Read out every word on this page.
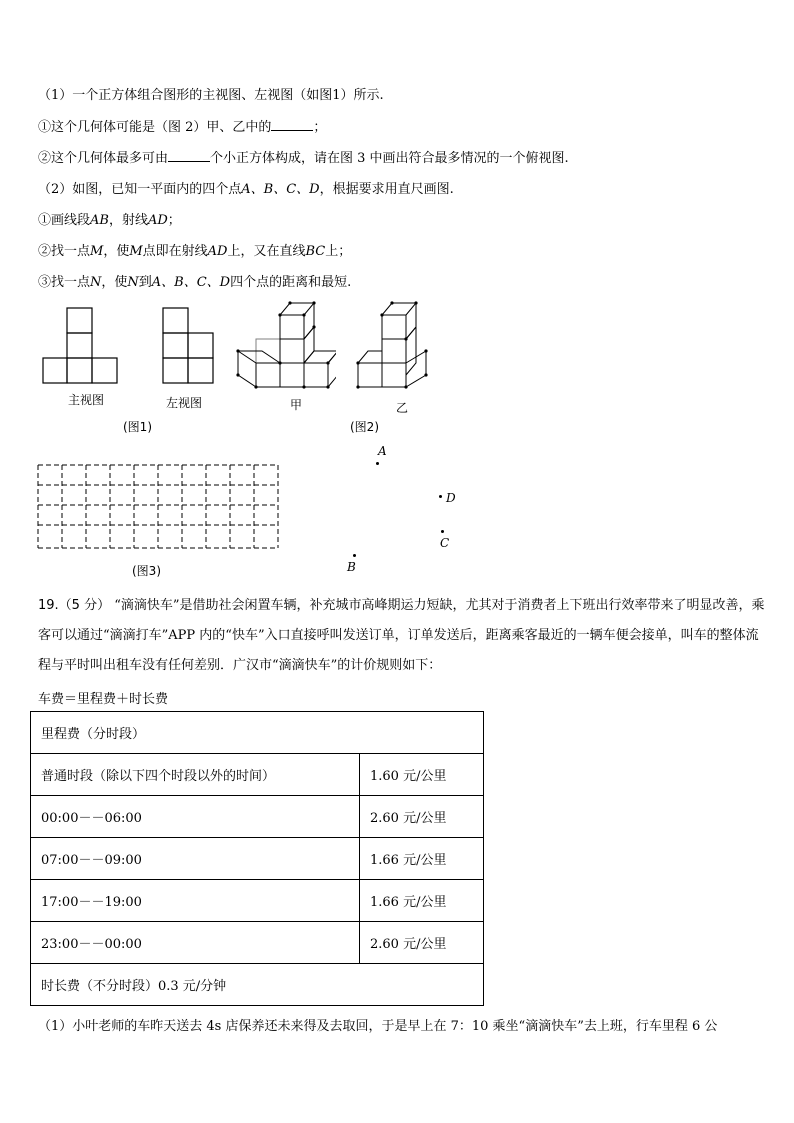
（1）一个正方体组合图形的主视图、左视图（如图1）所示.
①这个几何体可能是（图 2）甲、乙中的	；
②这个几何体最多可由	个小正方体构成，请在图 3 中画出符合最多情况的一个俯视图.
（2）如图，已知一平面内的四个点A、B、C、D，根据要求用直尺画图.
①画线段AB，射线AD；
②找一点M，使M点即在射线AD上，又在直线BC上；
③找一点N，使N到A、B、C、D四个点的距离和最短.
主视图	左视图	甲	乙
(图1)	(图2)
(图3)
A
D
C
B
19.（5 分） “滴滴快车”是借助社会闲置车辆，补充城市高峰期运力短缺，尤其对于消费者上下班出行效率带来了明显改善，乘客可以通过“滴滴打车”APP 内的“快车”入口直接呼叫发送订单，订单发送后，距离乘客最近的一辆车便会接单，叫车的整体流程与平时叫出租车没有任何差别．广汉市“滴滴快车”的计价规则如下：
车费＝里程费＋时长费
里程费（分时段）	
普通时段（除以下四个时段以外的时间）	1.60 元/公里
00:00－－06:00	2.60 元/公里
07:00－－09:00	1.66 元/公里
17:00－－19:00	1.66 元/公里
23:00－－00:00	2.60 元/公里
时长费（不分时段）0.3 元/分钟	
（1）小叶老师的车昨天送去 4s 店保养还未来得及去取回，于是早上在 7：10 乘坐“滴滴快车”去上班，行车里程 6 公
